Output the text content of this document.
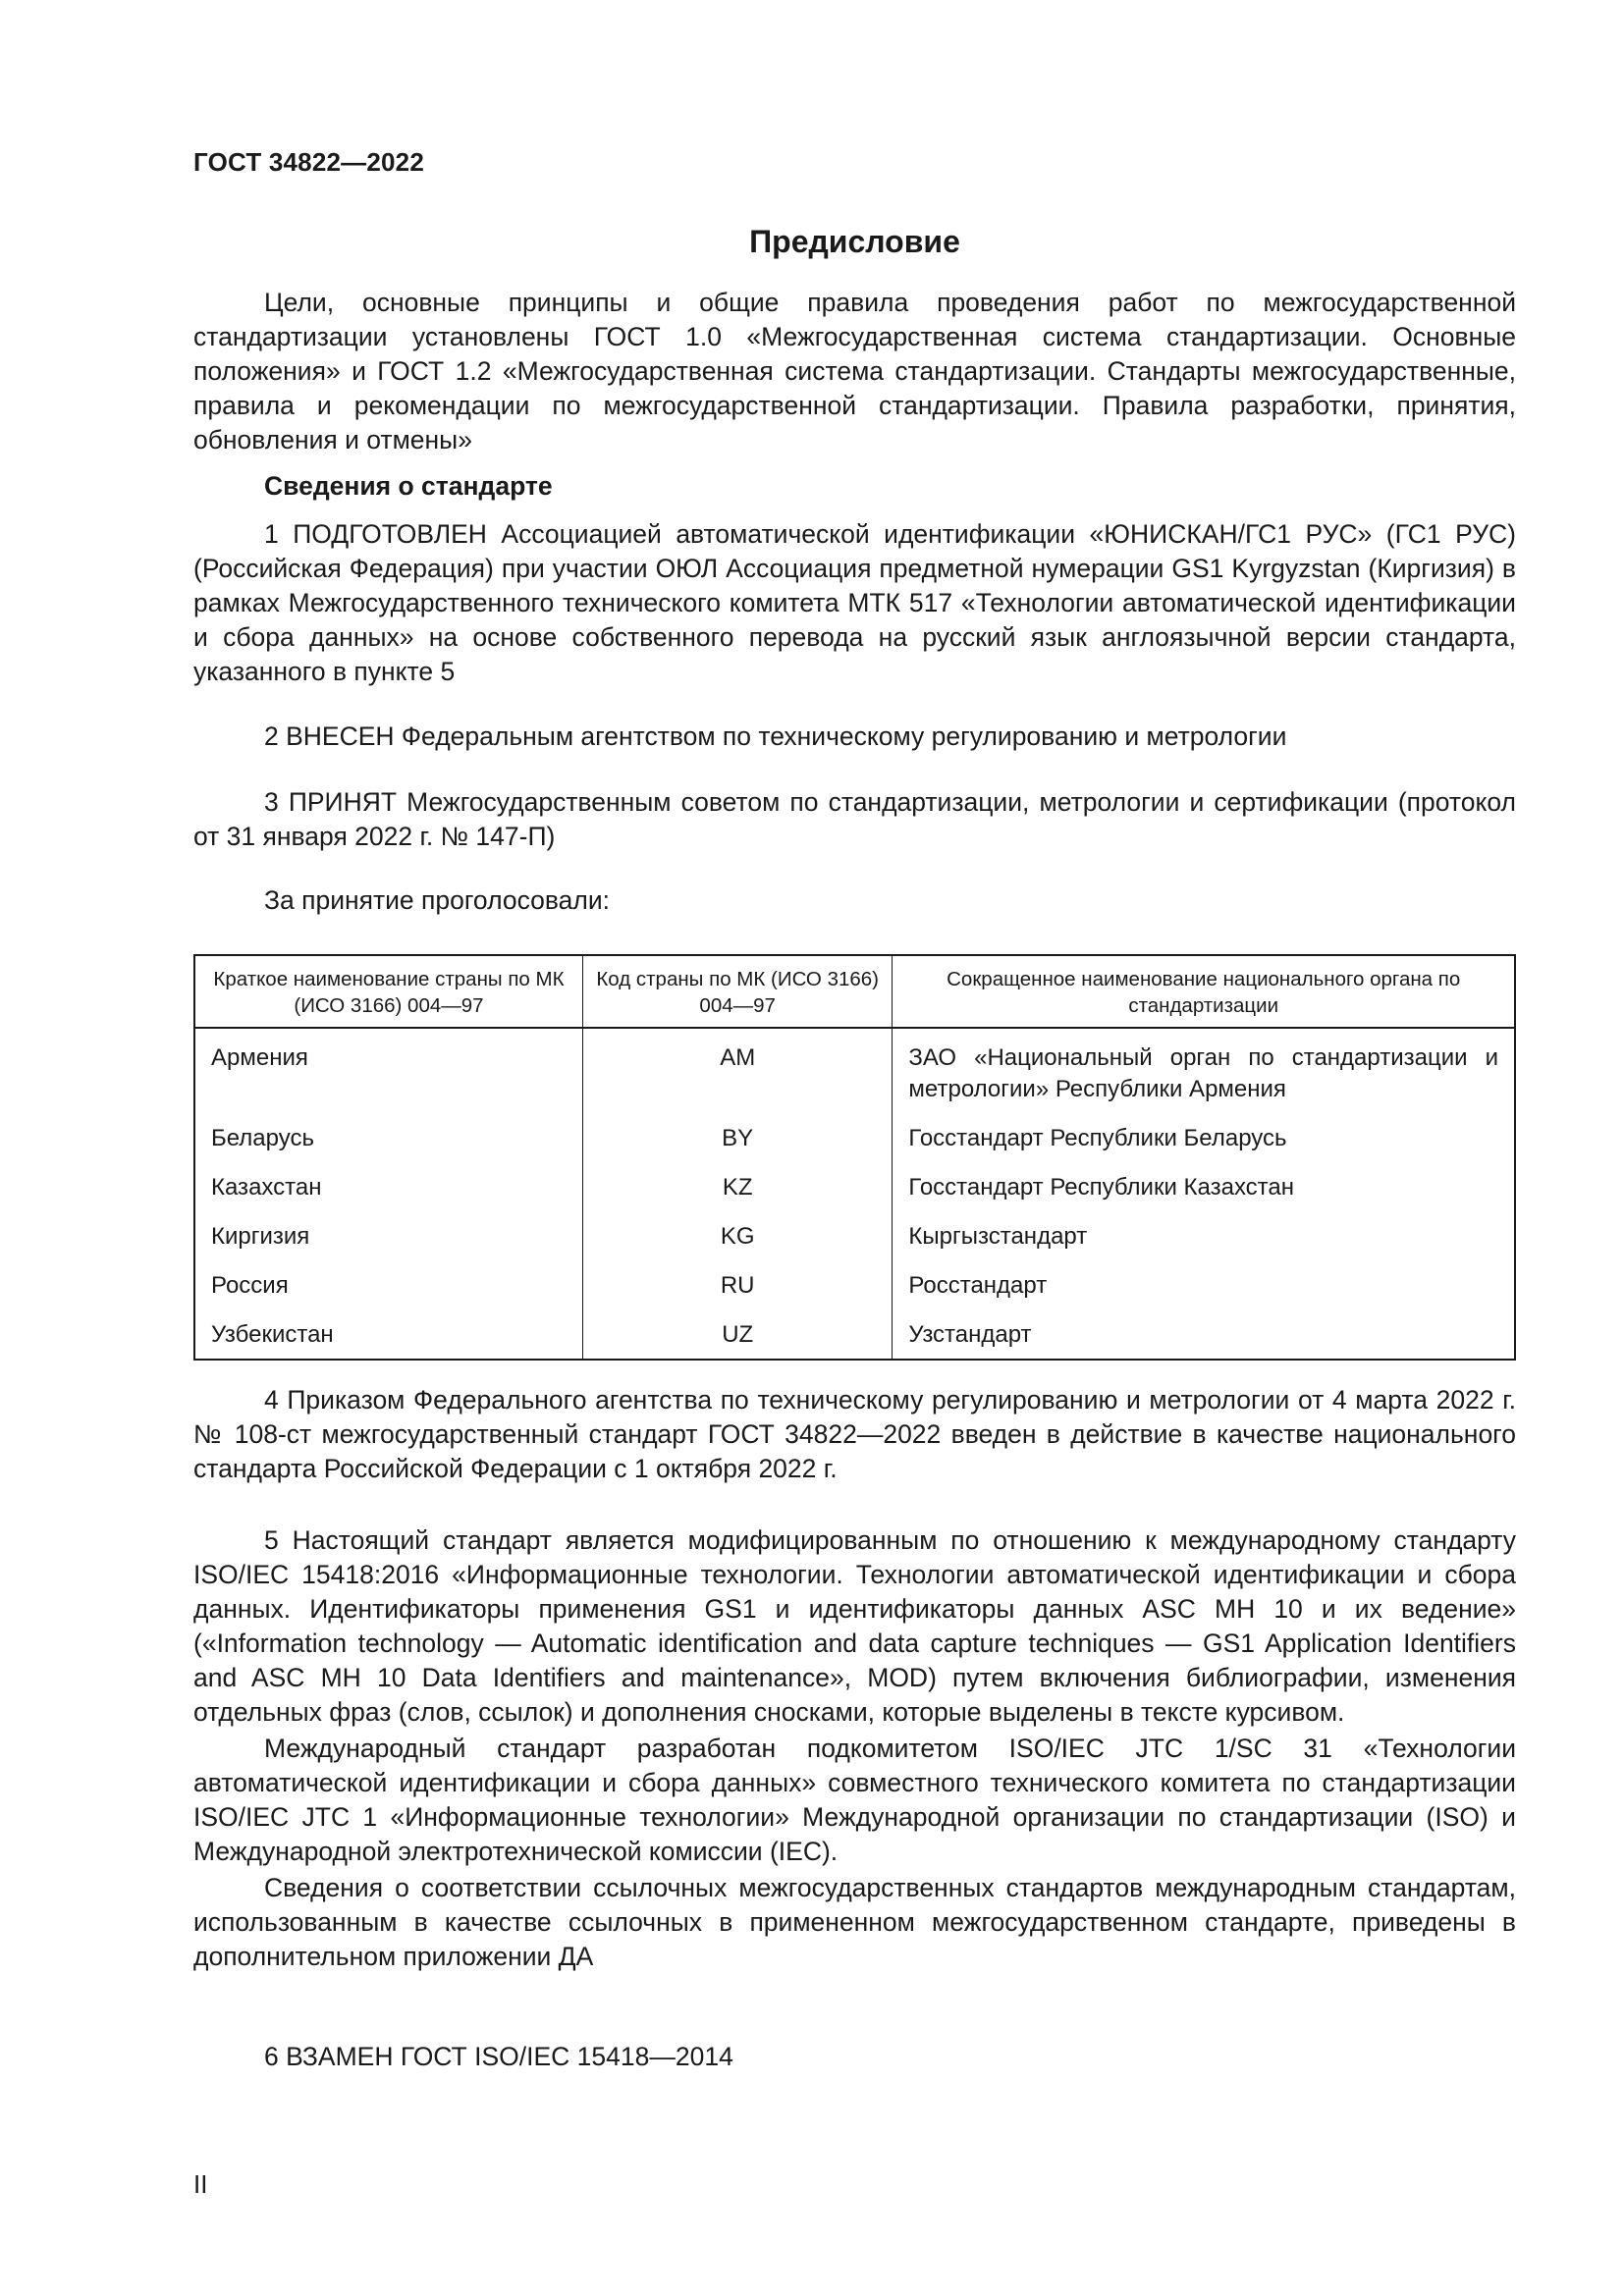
ГОСТ 34822—2022
Предисловие

Цели, основные принципы и общие правила проведения работ по межгосударственной стандартизации установлены ГОСТ 1.0 «Межгосударственная система стандартизации. Основные положения» и ГОСТ 1.2 «Межгосударственная система стандартизации. Стандарты межгосударственные, правила и рекомендации по межгосударственной стандартизации. Правила разработки, принятия, обновления и отмены»

Сведения о стандарте

1 ПОДГОТОВЛЕН Ассоциацией автоматической идентификации «ЮНИСКАН/ГС1 РУС» (ГС1 РУС) (Российская Федерация) при участии ОЮЛ Ассоциация предметной нумерации GS1 Kyrgyzstan (Киргизия) в рамках Межгосударственного технического комитета МТК 517 «Технологии автоматической идентификации и сбора данных» на основе собственного перевода на русский язык англоязычной версии стандарта, указанного в пункте 5

2 ВНЕСЕН Федеральным агентством по техническому регулированию и метрологии

3 ПРИНЯТ Межгосударственным советом по стандартизации, метрологии и сертификации (протокол от 31 января 2022 г. № 147-П)

За принятие проголосовали:

Краткое наименование страны по МК (ИСО 3166) 004—97	Код страны по МК (ИСО 3166) 004—97	Сокращенное наименование национального органа по стандартизации
Армения	AM	ЗАО «Национальный орган по стандартизации и метрологии» Республики Армения
Беларусь	BY	Госстандарт Республики Беларусь
Казахстан	KZ	Госстандарт Республики Казахстан
Киргизия	KG	Кыргызстандарт
Россия	RU	Росстандарт
Узбекистан	UZ	Узстандарт

4 Приказом Федерального агентства по техническому регулированию и метрологии от 4 марта 2022 г. № 108-ст межгосударственный стандарт ГОСТ 34822—2022 введен в действие в качестве национального стандарта Российской Федерации с 1 октября 2022 г.

5 Настоящий стандарт является модифицированным по отношению к международному стандарту ISO/IEC 15418:2016 «Информационные технологии. Технологии автоматической идентификации и сбора данных. Идентификаторы применения GS1 и идентификаторы данных ASC MH 10 и их ведение» («Information technology — Automatic identification and data capture techniques — GS1 Application Identifiers and ASC MH 10 Data Identifiers and maintenance», MOD) путем включения библиографии, изменения отдельных фраз (слов, ссылок) и дополнения сносками, которые выделены в тексте курсивом.

Международный стандарт разработан подкомитетом ISO/IEC JTC 1/SC 31 «Технологии автоматической идентификации и сбора данных» совместного технического комитета по стандартизации ISO/IEC JTC 1 «Информационные технологии» Международной организации по стандартизации (ISO) и Международной электротехнической комиссии (IEC).

Сведения о соответствии ссылочных межгосударственных стандартов международным стандартам, использованным в качестве ссылочных в примененном межгосударственном стандарте, приведены в дополнительном приложении ДА

6 ВЗАМЕН ГОСТ ISO/IEC 15418—2014

II
